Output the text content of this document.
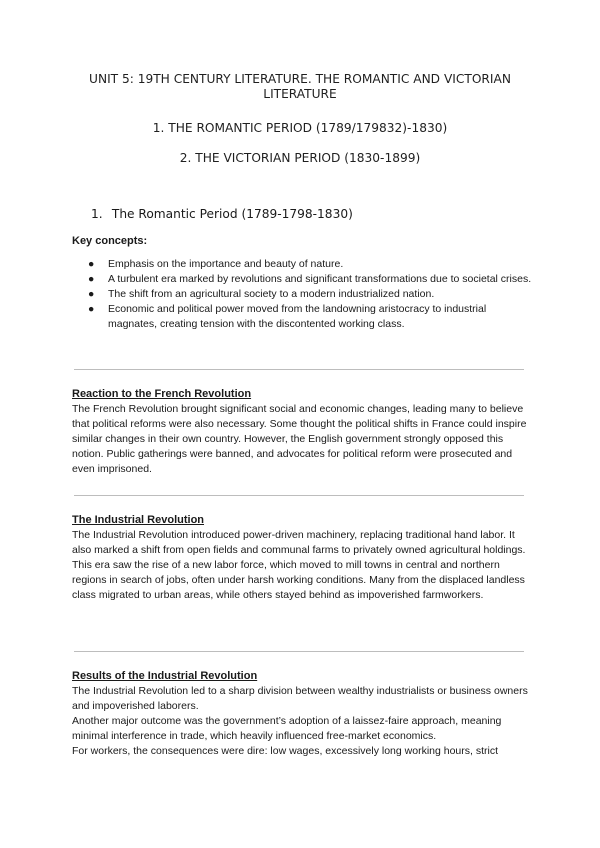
UNIT 5: 19TH CENTURY LITERATURE. THE ROMANTIC AND VICTORIAN LITERATURE
1. THE ROMANTIC PERIOD (1789/179832)-1830)
2. THE VICTORIAN PERIOD (1830-1899)
1. The Romantic Period (1789-1798-1830)
Key concepts:
● Emphasis on the importance and beauty of nature.
● A turbulent era marked by revolutions and significant transformations due to societal crises.
● The shift from an agricultural society to a modern industrialized nation.
● Economic and political power moved from the landowning aristocracy to industrial magnates, creating tension with the discontented working class.
Reaction to the French Revolution

The French Revolution brought significant social and economic changes, leading many to believe that political reforms were also necessary. Some thought the political shifts in France could inspire similar changes in their own country. However, the English government strongly opposed this notion. Public gatherings were banned, and advocates for political reform were prosecuted and even imprisoned.

The Industrial Revolution

The Industrial Revolution introduced power-driven machinery, replacing traditional hand labor. It also marked a shift from open fields and communal farms to privately owned agricultural holdings.

This era saw the rise of a new labor force, which moved to mill towns in central and northern regions in search of jobs, often under harsh working conditions. Many from the displaced landless class migrated to urban areas, while others stayed behind as impoverished farmworkers.

Results of the Industrial Revolution

The Industrial Revolution led to a sharp division between wealthy industrialists or business owners and impoverished laborers.

Another major outcome was the government’s adoption of a laissez-faire approach, meaning minimal interference in trade, which heavily influenced free-market economics.

For workers, the consequences were dire: low wages, excessively long working hours, strict
